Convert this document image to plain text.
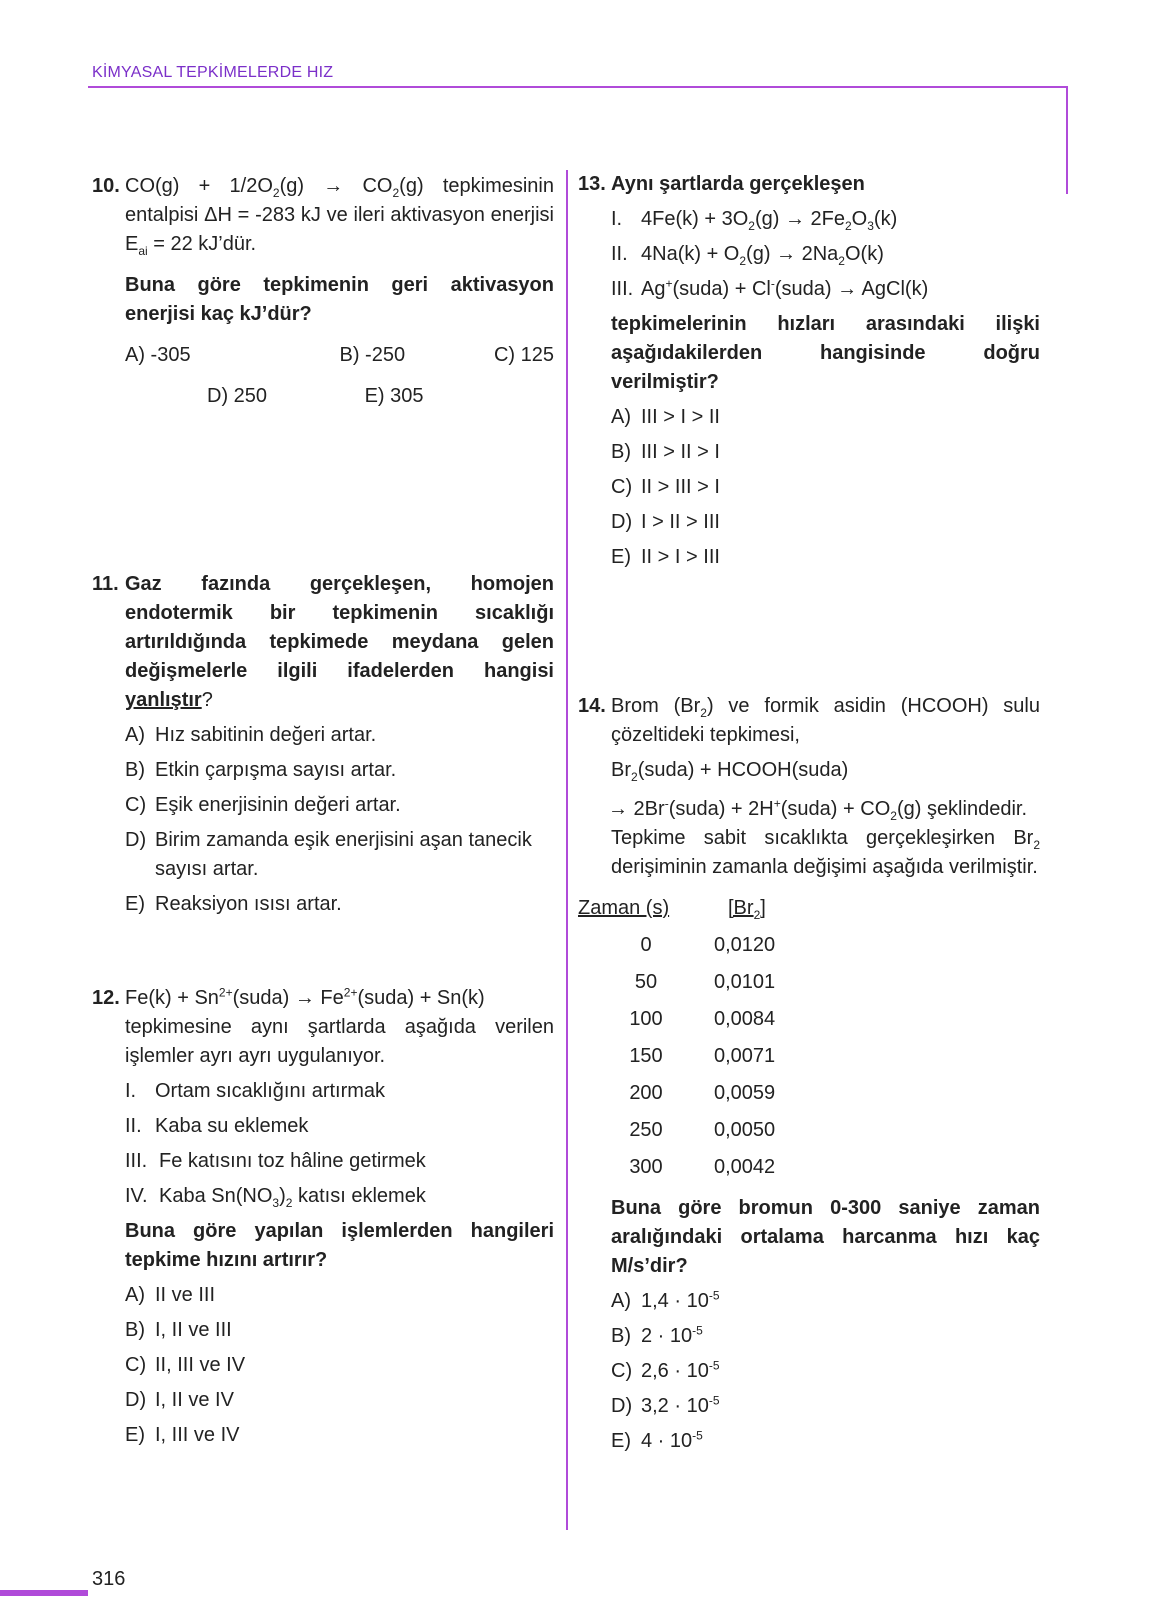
KİMYASAL TEPKİMELERDE HIZ
10. $CO(g) + 1/2O_2(g) \to CO_2(g)$ tepkimesinin entalpisi ΔH = -283 kJ ve ileri aktivasyon enerjisi $E_{ai} = 22$ kJ’dür.
Buna göre tepkimenin geri aktivasyon enerjisi kaç kJ’dür?
A) -305	B) -250	C) 125
D) 250	E) 305
11. Gaz fazında gerçekleşen, homojen endotermik bir tepkimenin sıcaklığı artırıldığında tepkimede meydana gelen değişmelerle ilgili ifadelerden hangisi yanlıştır?
A) Hız sabitinin değeri artar.
B) Etkin çarpışma sayısı artar.
C) Eşik enerjisinin değeri artar.
D) Birim zamanda eşik enerjisini aşan tanecik sayısı artar.
E) Reaksiyon ısısı artar.
12. $Fe(k) + Sn^{2+}(suda)$ → $Fe^{2+}(suda) + Sn(k)$
tepkimesine aynı şartlarda aşağıda verilen işlemler ayrı ayrı uygulanıyor.
I. Ortam sıcaklığını artırmak
II. Kaba su eklemek
III. Fe katısını toz hâline getirmek
IV. Kaba $Sn(NO_3)_2$ katısı eklemek
Buna göre yapılan işlemlerden hangileri tepkime hızını artırır?
A) II ve III
B) I, II ve III
C) II, III ve IV
D) I, II ve IV
E) I, III ve IV
13. Aynı şartlarda gerçekleşen
I. $4Fe(k) + 3O_2(g) \to 2Fe_2O_3(k)$
II. $4Na(k) + O_2(g) \to 2Na_2O(k)$
III. Ag+(suda) + Cl-(suda) → AgCl(k)
tepkimelerinin hızları arasındaki ilişki aşağıdakilerden hangisinde doğru verilmiştir?
A) III > I > II
B) III > II > I
C) II > III > I
D) I > II > III
E) II > I > III
14. Brom $(Br_2)$ ve formik asidin (HCOOH) sulu çözeltideki tepkimesi,
$Br_2(suda)$ + HCOOH(suda)
→ 2Br-(suda) + 2H+(suda) + $CO_2(g)$ şeklindedir.
Tepkime sabit sıcaklıkta gerçekleşirken $Br_2$ derişiminin zamanla değişimi aşağıda verilmiştir.
Zaman (s)	$[Br_2]$
0	0,0120
50	0,0101
100	0,0084
150	0,0071
200	0,0059
250	0,0050
300	0,0042
Buna göre bromun 0-300 saniye zaman aralığındaki ortalama harcanma hızı kaç M/s’dir?
A) $1,4 \cdot 10^{-5}$
B) $2 \cdot 10^{-5}$
C) $2,6 \cdot 10^{-5}$
D) $3,2 \cdot 10^{-5}$
E) $4 \cdot 10^{-5}$
316
